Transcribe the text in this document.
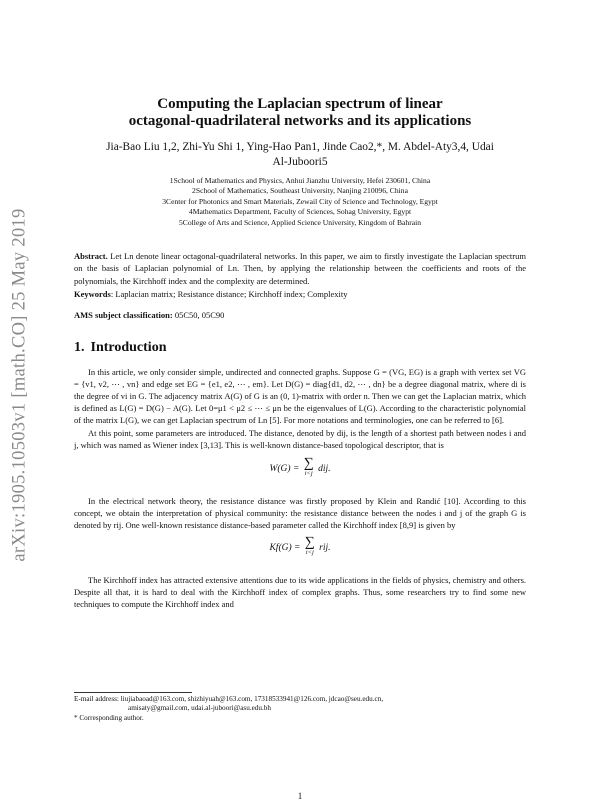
arXiv:1905.10503v1 [math.CO] 25 May 2019
Computing the Laplacian spectrum of linear
octagonal-quadrilateral networks and its applications
Jia-Bao Liu 1,2, Zhi-Yu Shi 1, Ying-Hao Pan1, Jinde Cao2,*, M. Abdel-Aty3,4, Udai
Al-Juboori5
1School of Mathematics and Physics, Anhui Jianzhu University, Hefei 230601, China
2School of Mathematics, Southeast University, Nanjing 210096, China
3Center for Photonics and Smart Materials, Zewail City of Science and Technology, Egypt
4Mathematics Department, Faculty of Sciences, Sohag University, Egypt
5College of Arts and Science, Applied Science University, Kingdom of Bahrain
Abstract. Let Ln denote linear octagonal-quadrilateral networks. In this paper, we aim to firstly investigate the Laplacian spectrum on the basis of Laplacian polynomial of Ln. Then, by applying the relationship between the coefficients and roots of the polynomials, the Kirchhoff index and the complexity are determined.
Keywords: Laplacian matrix; Resistance distance; Kirchhoff index; Complexity
AMS subject classification: 05C50, 05C90
1. Introduction

In this article, we only consider simple, undirected and connected graphs. Suppose G = (VG, EG) is a graph with vertex set VG = {v1, v2, ⋯ , vn} and edge set EG = {e1, e2, ⋯ , em}. Let D(G) = diag{d1, d2, ⋯ , dn} be a degree diagonal matrix, where di is the degree of vi in G. The adjacency matrix A(G) of G is an (0, 1)-matrix with order n. Then we can get the Laplacian matrix, which is defined as L(G) = D(G) − A(G). Let 0=μ1 < μ2 ≤ ⋯ ≤ μn be the eigenvalues of L(G). According to the characteristic polynomial of the matrix L(G), we can get Laplacian spectrum of Ln [5]. For more notations and terminologies, one can be referred to [6].

At this point, some parameters are introduced. The distance, denoted by dij, is the length of a shortest path between nodes i and j, which was named as Wiener index [3,13]. This is well-known distance-based topological descriptor, that is

W(G) = ∑
i<j dij.

In the electrical network theory, the resistance distance was firstly proposed by Klein and Randić [10]. According to this concept, we obtain the interpretation of physical community: the resistance distance between the nodes i and j of the graph G is denoted by rij. One well-known resistance distance-based parameter called the Kirchhoff index [8,9] is given by

Kf(G) = ∑
i<j rij.

The Kirchhoff index has attracted extensive attentions due to its wide applications in the fields of physics, chemistry and others. Despite all that, it is hard to deal with the Kirchhoff index of complex graphs. Thus, some researchers try to find some new techniques to compute the Kirchhoff index and

E-mail address: liujiabaoad@163.com, shizhiyuah@163.com, 17318533941@126.com, jdcao@seu.edu.cn,

amisaty@gmail.com, udai.al-juboori@asu.edu.bh

* Corresponding author.

1
